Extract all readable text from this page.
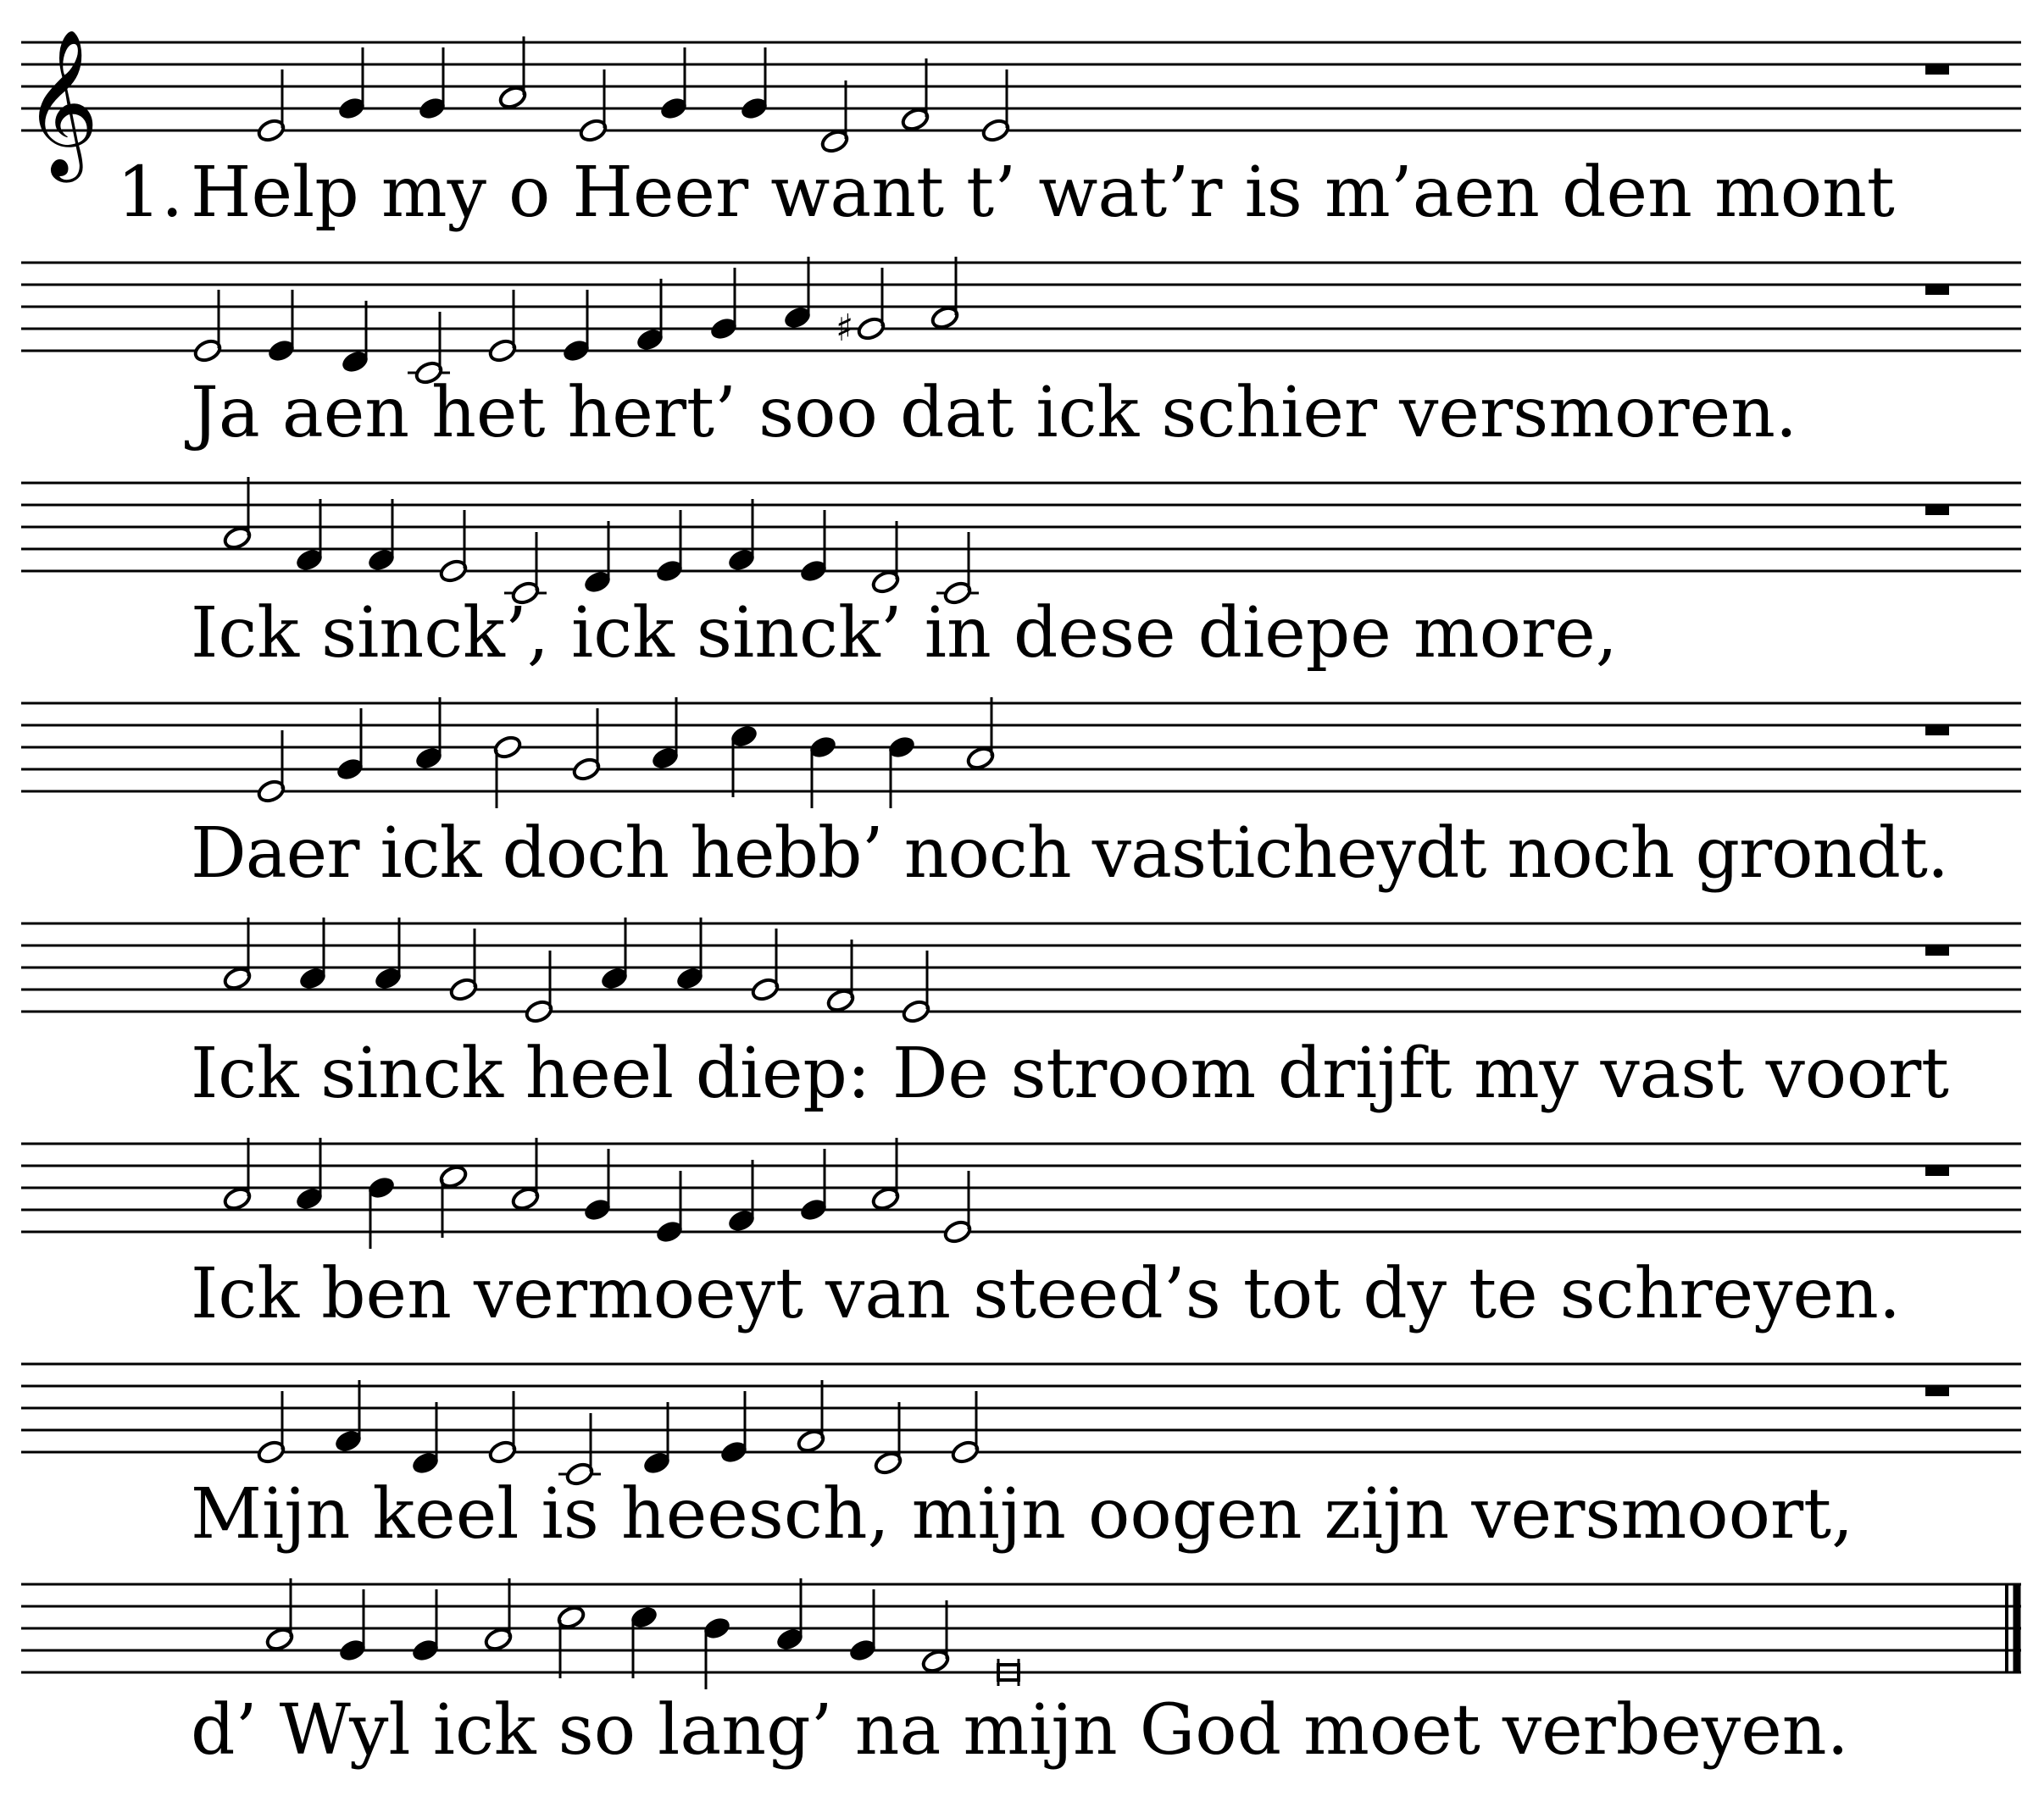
𝄞
1. Help my o Heer want t’ wat’r is m’aen den mont
♯
Ja aen het hert’ soo dat ick schier versmoren.
Ick sinck’, ick sinck’ in dese diepe more,
Daer ick doch hebb’ noch vasticheydt noch grondt.
Ick sinck heel diep: De stroom drijft my vast voort
Ick ben vermoeyt van steed’s tot dy te schreyen.
Mijn keel is heesch, mijn oogen zijn versmoort,
d’ Wyl ick so lang’ na mijn God moet verbeyen.
